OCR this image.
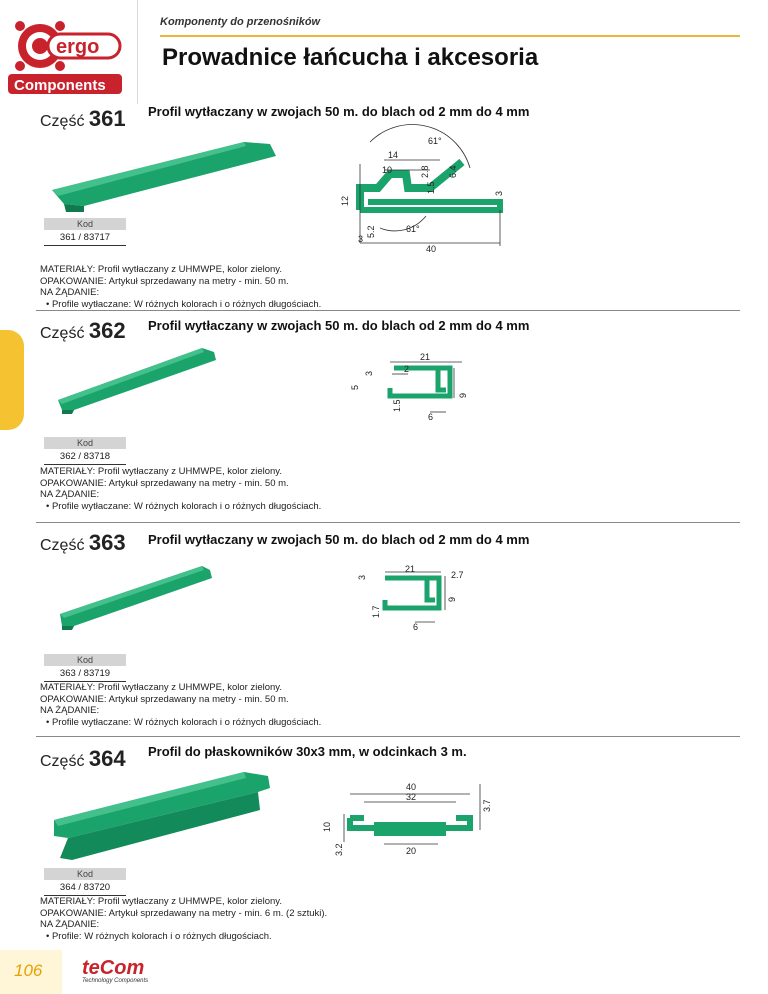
ergo
Components
Komponenty do przenośników
Prowadnice łańcucha i akcesoria
Część 361 Profil wytłaczany w zwojach 50 m. do blach od 2 mm do 4 mm
61°
14
10	2.8 6.4
1.5	3
12
5.2	61°
3
40
Kod
361 / 83717
MATERIAŁY: Profil wytłaczany z UHMWPE, kolor zielony.
OPAKOWANIE: Artykuł sprzedawany na metry - min. 50 m.
NA ŻĄDANIE:
• Profile wytłaczane: W różnych kolorach i o różnych długościach.
Część 362 Profil wytłaczany w zwojach 50 m. do blach od 2 mm do 4 mm
21
2
3
5
1.5
9
6
Kod
362 / 83718
MATERIAŁY: Profil wytłaczany z UHMWPE, kolor zielony.
OPAKOWANIE: Artykuł sprzedawany na metry - min. 50 m.
NA ŻĄDANIE:
• Profile wytłaczane: W różnych kolorach i o różnych długościach.
Część 363 Profil wytłaczany w zwojach 50 m. do blach od 2 mm do 4 mm
21
3	2.7
9
1.7
6
Kod
363 / 83719
MATERIAŁY: Profil wytłaczany z UHMWPE, kolor zielony.
OPAKOWANIE: Artykuł sprzedawany na metry - min. 50 m.
NA ŻĄDANIE:
• Profile wytłaczane: W różnych kolorach i o różnych długościach.
Część 364 Profil do płaskowników 30x3 mm, w odcinkach 3 m.
40
32
3.7
10
3.2	20
Kod
364 / 83720
MATERIAŁY: Profil wytłaczany z UHMWPE, kolor zielony.
OPAKOWANIE: Artykuł sprzedawany na metry - min. 6 m. (2 sztuki).
NA ŻĄDANIE:
• Profile: W różnych kolorach i o różnych długościach.
106 teCom
Technology Components
